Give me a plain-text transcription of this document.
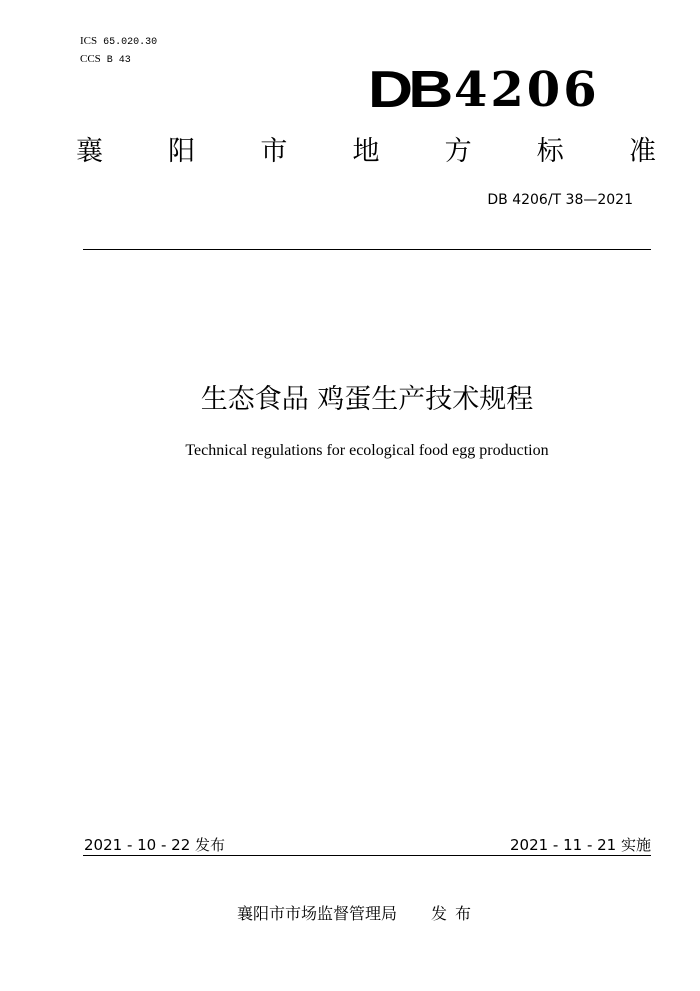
ICS 65.020.30
CCS B 43
DB 4206
襄 阳 市 地 方 标 准
DB 4206/T 38—2021
生态食品 鸡蛋生产技术规程
Technical regulations for ecological food egg production
2021 - 10 - 22 发布	2021 - 11 - 21 实施
襄阳市市场监督管理局 发布
